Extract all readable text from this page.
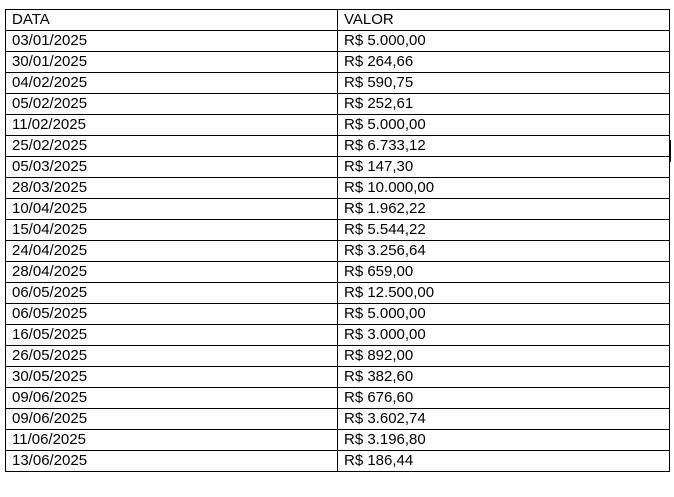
DATA	VALOR
03/01/2025	R$ 5.000,00
30/01/2025	R$ 264,66
04/02/2025	R$ 590,75
05/02/2025	R$ 252,61
11/02/2025	R$ 5.000,00
25/02/2025	R$ 6.733,12
05/03/2025	R$ 147,30
28/03/2025	R$ 10.000,00
10/04/2025	R$ 1.962,22
15/04/2025	R$ 5.544,22
24/04/2025	R$ 3.256,64
28/04/2025	R$ 659,00
06/05/2025	R$ 12.500,00
06/05/2025	R$ 5.000,00
16/05/2025	R$ 3.000,00
26/05/2025	R$ 892,00
30/05/2025	R$ 382,60
09/06/2025	R$ 676,60
09/06/2025	R$ 3.602,74
11/06/2025	R$ 3.196,80
13/06/2025	R$ 186,44
